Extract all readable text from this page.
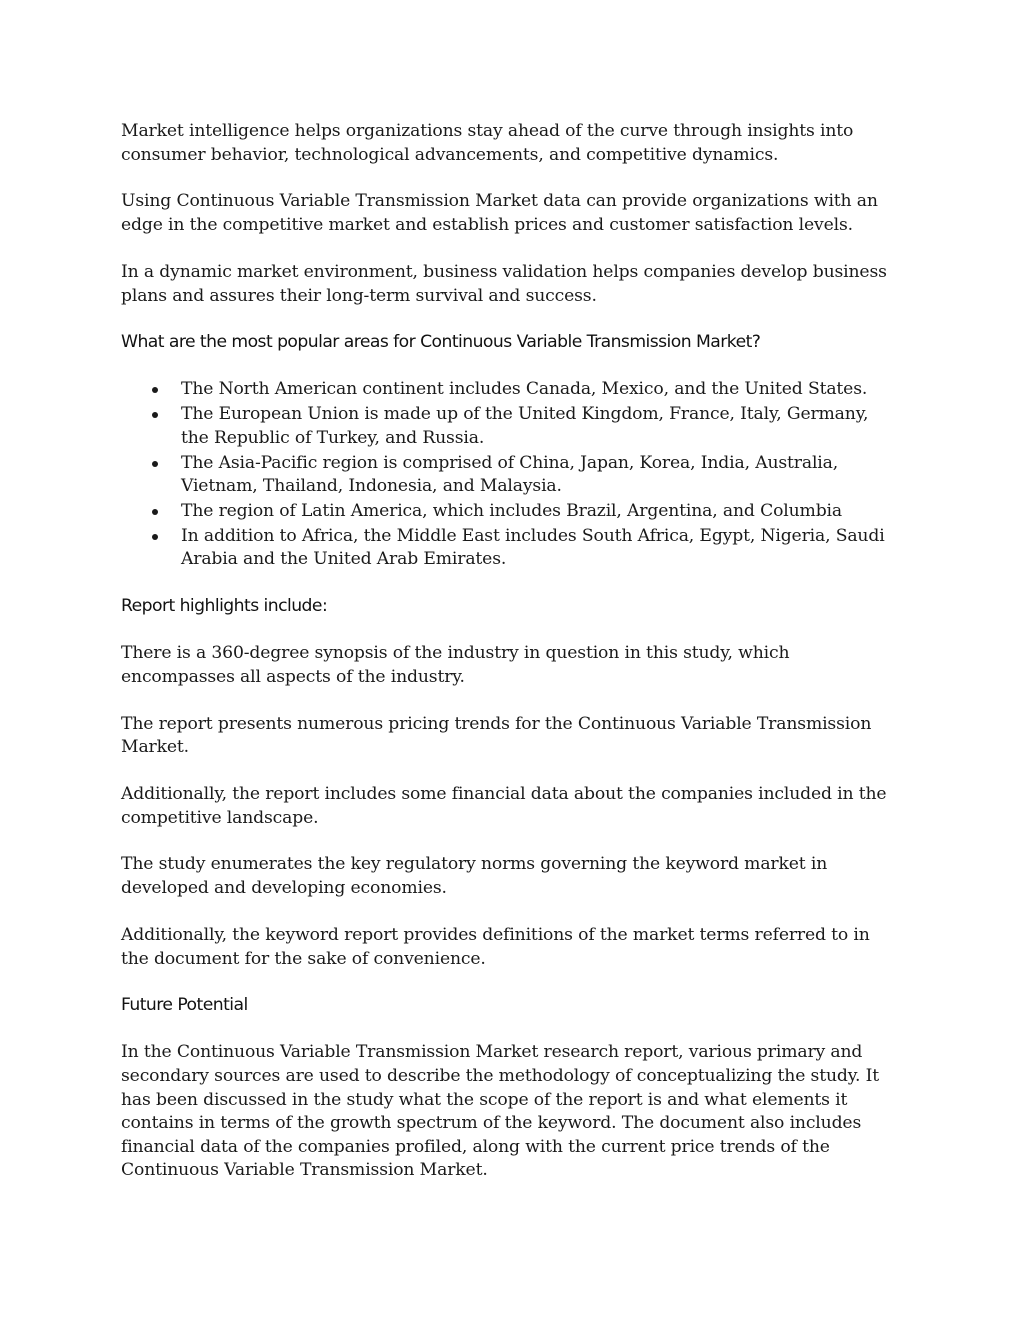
Market intelligence helps organizations stay ahead of the curve through insights into consumer behavior, technological advancements, and competitive dynamics.

Using Continuous Variable Transmission Market data can provide organizations with an edge in the competitive market and establish prices and customer satisfaction levels.

In a dynamic market environment, business validation helps companies develop business plans and assures their long-term survival and success.

What are the most popular areas for Continuous Variable Transmission Market?

The North American continent includes Canada, Mexico, and the United States.
The European Union is made up of the United Kingdom, France, Italy, Germany, the Republic of Turkey, and Russia.
The Asia-Pacific region is comprised of China, Japan, Korea, India, Australia, Vietnam, Thailand, Indonesia, and Malaysia.
The region of Latin America, which includes Brazil, Argentina, and Columbia
In addition to Africa, the Middle East includes South Africa, Egypt, Nigeria, Saudi Arabia and the United Arab Emirates.

Report highlights include:

There is a 360-degree synopsis of the industry in question in this study, which encompasses all aspects of the industry.

The report presents numerous pricing trends for the Continuous Variable Transmission Market.

Additionally, the report includes some financial data about the companies included in the competitive landscape.

The study enumerates the key regulatory norms governing the keyword market in developed and developing economies.

Additionally, the keyword report provides definitions of the market terms referred to in the document for the sake of convenience.

Future Potential

In the Continuous Variable Transmission Market research report, various primary and secondary sources are used to describe the methodology of conceptualizing the study. It has been discussed in the study what the scope of the report is and what elements it contains in terms of the growth spectrum of the keyword. The document also includes financial data of the companies profiled, along with the current price trends of the Continuous Variable Transmission Market.
